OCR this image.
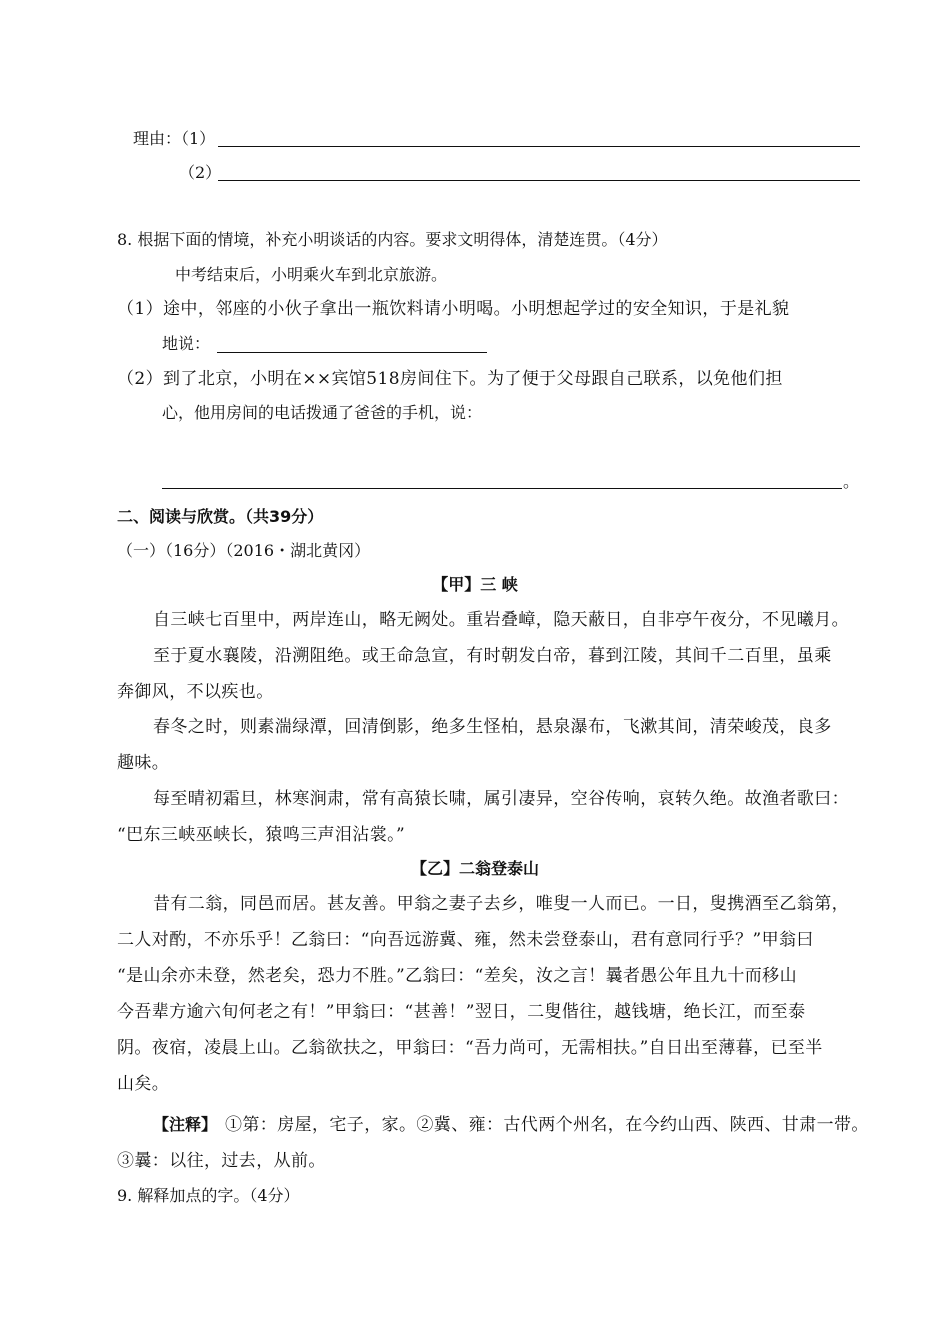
理由：（1）
（2）
8. 根据下面的情境，补充小明谈话的内容。要求文明得体，清楚连贯。（4分）
中考结束后，小明乘火车到北京旅游。
（1）途中，邻座的小伙子拿出一瓶饮料请小明喝。小明想起学过的安全知识，于是礼貌
地说：
（2）到了北京，小明在××宾馆518房间住下。为了便于父母跟自己联系，以免他们担
心，他用房间的电话拨通了爸爸的手机，说：
。
二、阅读与欣赏。（共39分）
（一）（16分）（2016・湖北黄冈）
【甲】三 峡
自三峡七百里中，两岸连山，略无阙处。重岩叠嶂，隐天蔽日，自非亭午夜分，不见曦月。
至于夏水襄陵，沿溯阻绝。或王命急宣，有时朝发白帝，暮到江陵，其间千二百里，虽乘
奔御风，不以疾也。
春冬之时，则素湍绿潭，回清倒影，绝多生怪柏，悬泉瀑布，飞漱其间，清荣峻茂，良多
趣味。
每至晴初霜旦，林寒涧肃，常有高猿长啸，属引凄异，空谷传响，哀转久绝。故渔者歌曰：
“巴东三峡巫峡长，猿鸣三声泪沾裳。”
【乙】二翁登泰山
昔有二翁，同邑而居。甚友善。甲翁之妻子去乡，唯叟一人而已。一日，叟携酒至乙翁第，
二人对酌，不亦乐乎！乙翁曰：“向吾远游冀、雍，然未尝登泰山，君有意同行乎？”甲翁曰
“是山余亦未登，然老矣，恐力不胜。”乙翁曰：“差矣，汝之言！曩者愚公年且九十而移山
今吾辈方逾六旬何老之有！”甲翁曰：“甚善！”翌日，二叟偕往，越钱塘，绝长江，而至泰
阴。夜宿，凌晨上山。乙翁欲扶之，甲翁曰：“吾力尚可，无需相扶。”自日出至薄暮，已至半
山矣。
【注释】 ①第：房屋，宅子，家。②冀、雍：古代两个州名，在今约山西、陕西、甘肃一带。
③曩：以往，过去，从前。
9. 解释加点的字。（4分）
